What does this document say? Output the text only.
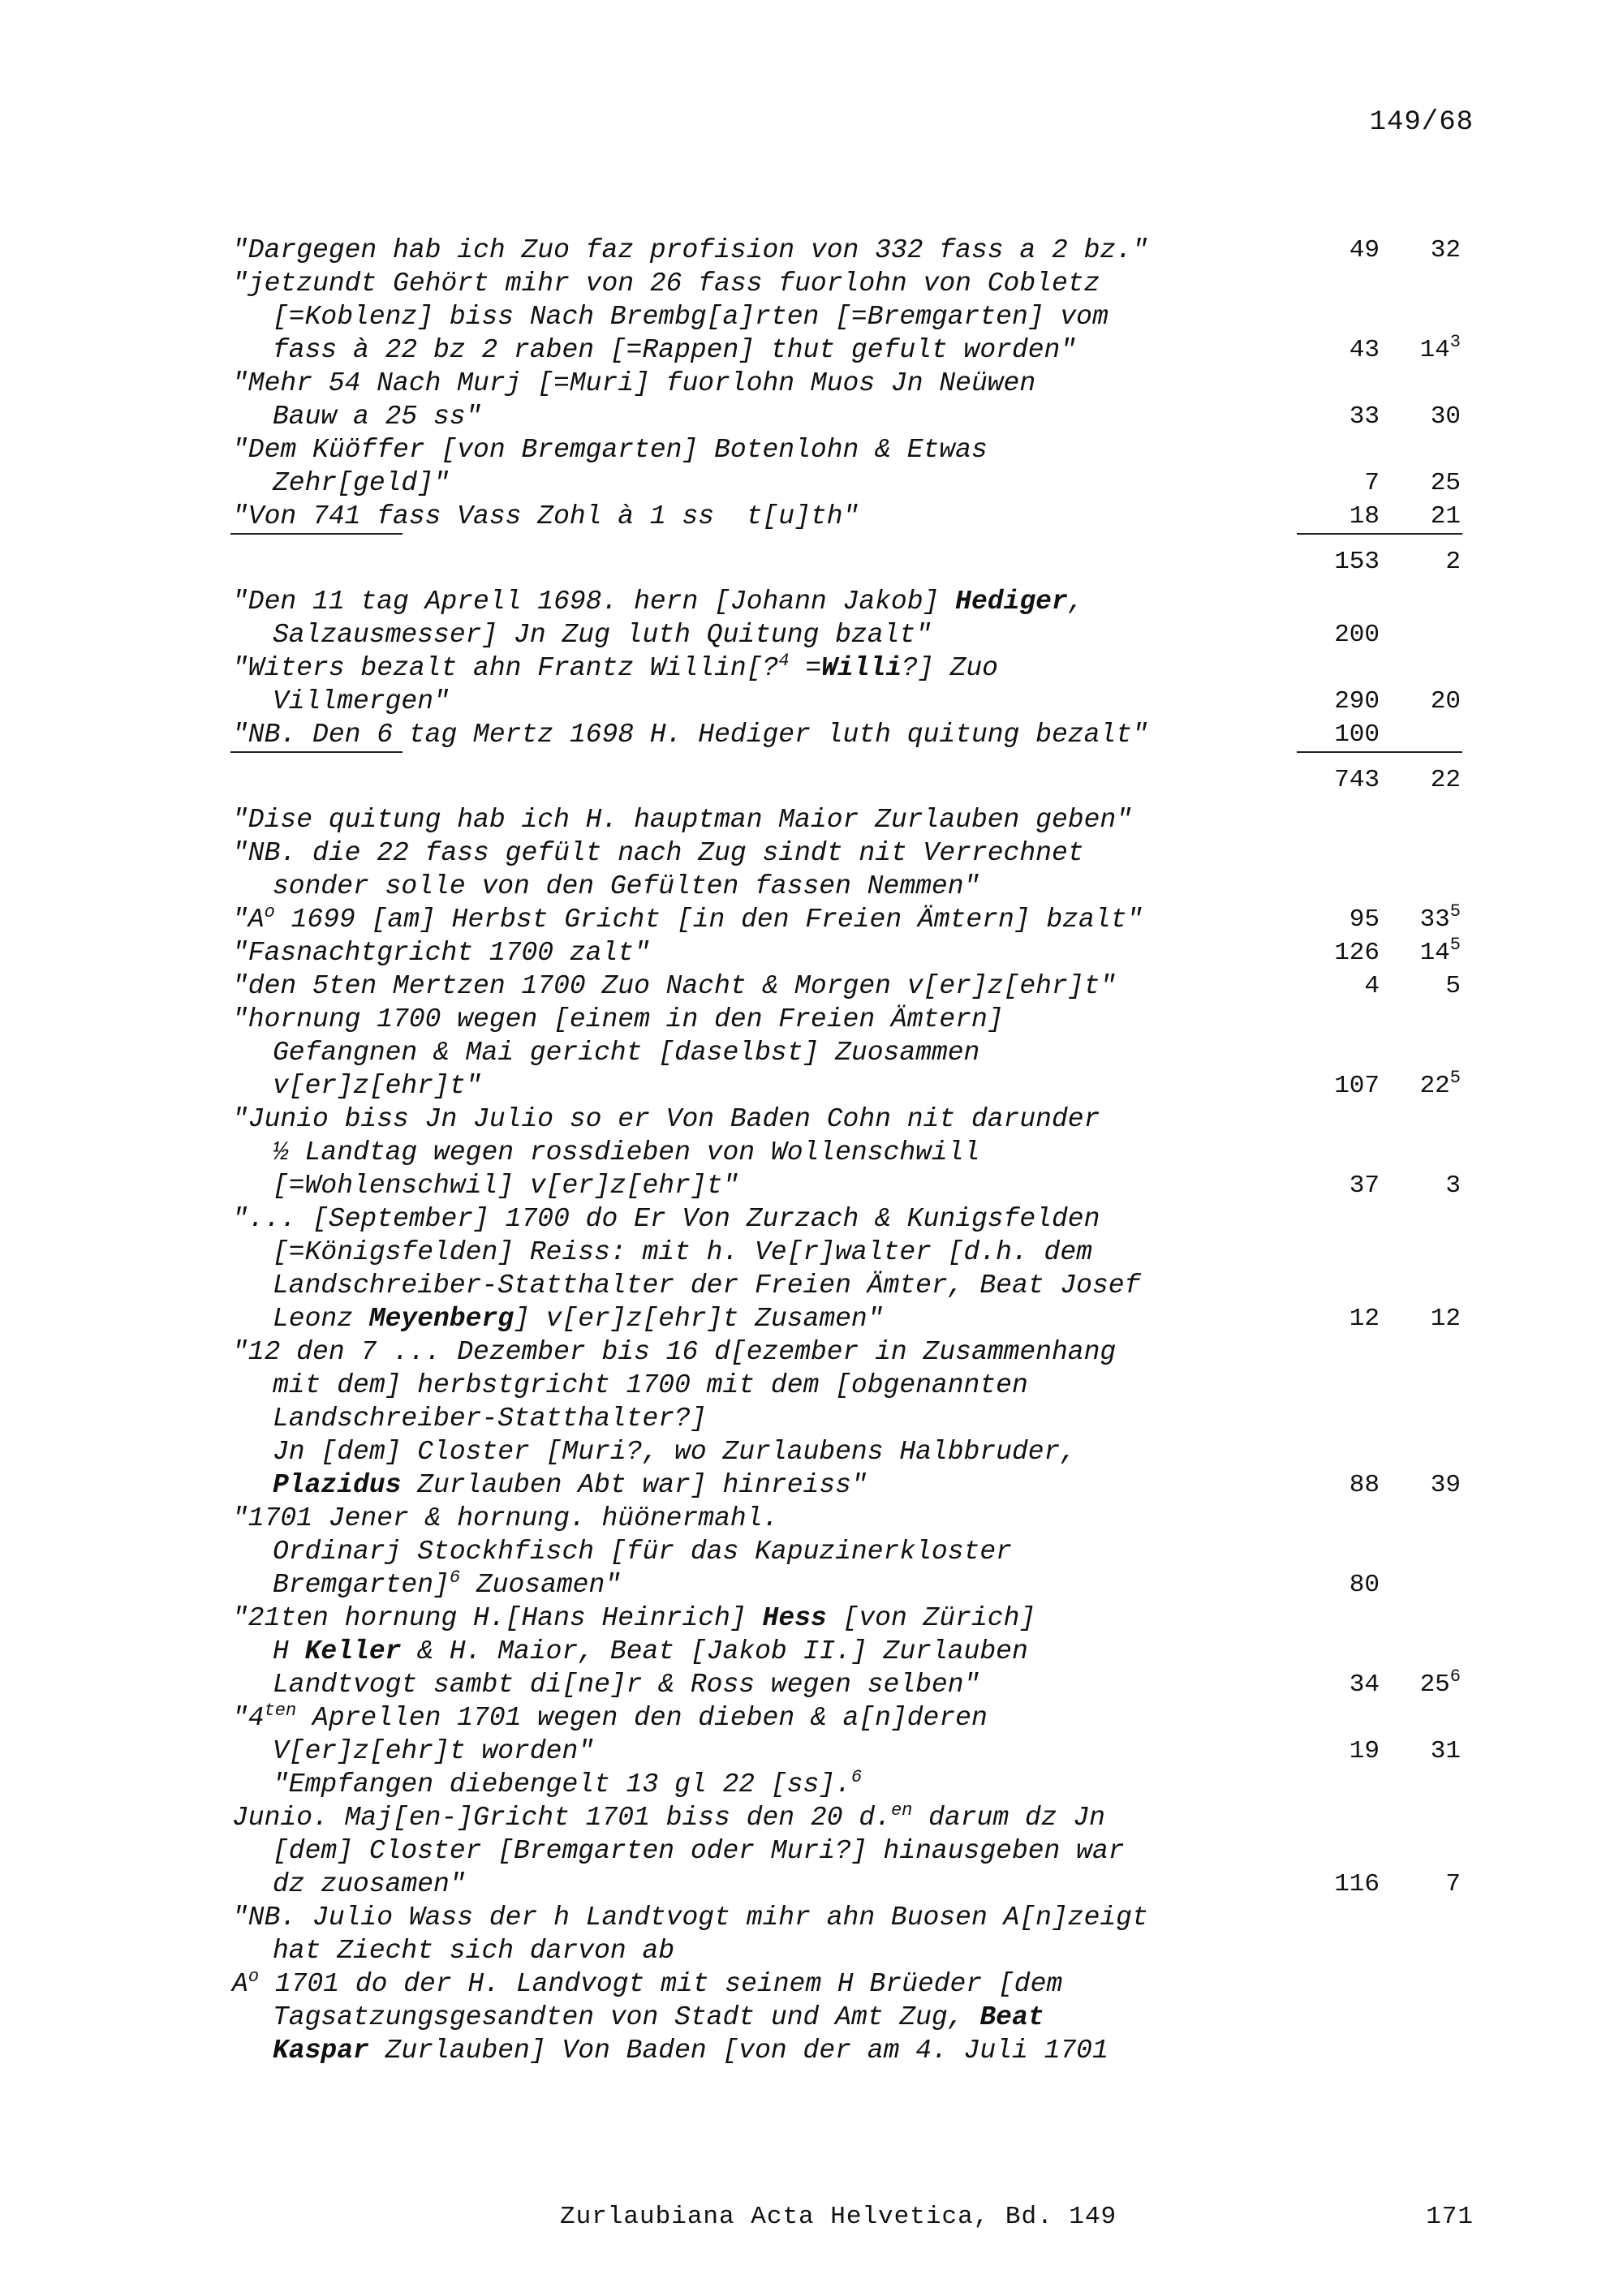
149/68
"Dargegen hab ich Zuo faz profision von 332 fass a 2 bz."	49	32
"jetzundt Gehört mihr von 26 fass fuorlohn von Cobletz
[=Koblenz] biss Nach Brembg[a]rten [=Bremgarten] vom
fass à 22 bz 2 raben [=Rappen] thut gefult worden"	43	$14^3$
"Mehr 54 Nach Murj [=Muri] fuorlohn Muos Jn Neüwen
Bauw a 25 ss"	33	30
"Dem Küöffer [von Bremgarten] Botenlohn & Etwas
Zehr[geld]"	7	25
"Von 741 fass Vass Zohl à 1 ss  t[u]th"	18	21
153	2
"Den 11 tag Aprell 1698. hern [Johann Jakob] Hediger,
Salzausmesser] Jn Zug luth Quitung bzalt"	200
"Witers bezalt ahn Frantz Willin[?$^4$ =Willi?] Zuo
Villmergen"	290	20
"NB. Den 6 tag Mertz 1698 H. Hediger luth quitung bezalt"	100
743	22
"Dise quitung hab ich H. hauptman Maior Zurlauben geben"
"NB. die 22 fass gefült nach Zug sindt nit Verrechnet
sonder solle von den Gefülten fassen Nemmen"
"$A^o$ 1699 [am] Herbst Gricht [in den Freien Ämtern] bzalt"	95	$33^5$
"Fasnachtgricht 1700 zalt"	126	$14^5$
"den 5ten Mertzen 1700 Zuo Nacht & Morgen v[er]z[ehr]t"	4	5
"hornung 1700 wegen [einem in den Freien Ämtern]
Gefangnen & Mai gericht [daselbst] Zuosammen
v[er]z[ehr]t"	107	$22^5$
"Junio biss Jn Julio so er Von Baden Cohn nit darunder
½ Landtag wegen rossdieben von Wollenschwill
[=Wohlenschwil] v[er]z[ehr]t"	37	3
"... [September] 1700 do Er Von Zurzach & Kunigsfelden
[=Königsfelden] Reiss: mit h. Ve[r]walter [d.h. dem
Landschreiber-Statthalter der Freien Ämter, Beat Josef
Leonz Meyenberg] v[er]z[ehr]t Zusamen"	12	12
"12 den 7 ... Dezember bis 16 d[ezember in Zusammenhang
mit dem] herbstgricht 1700 mit dem [obgenannten
Landschreiber-Statthalter?]
Jn [dem] Closter [Muri?, wo Zurlaubens Halbbruder,
Plazidus Zurlauben Abt war] hinreiss"	88	39
"1701 Jener & hornung. hüönermahl.
Ordinarj Stockhfisch [für das Kapuzinerkloster
Bremgarten]$^6$ Zuosamen"	80
"21ten hornung H.[Hans Heinrich] Hess [von Zürich]
H Keller & H. Maior, Beat [Jakob II.] Zurlauben
Landtvogt sambt di[ne]r & Ross wegen selben"	34	$25^6$
"$4^{ten}$ Aprellen 1701 wegen den dieben & a[n]deren
V[er]z[ehr]t worden"	19	31
"Empfangen diebengelt 13 gl 22 [ss].$^6$
Junio. Maj[en-]Gricht 1701 biss den 20 d.$^{en}$ darum dz Jn
[dem] Closter [Bremgarten oder Muri?] hinausgeben war
dz zuosamen"	116	7
"NB. Julio Wass der h Landtvogt mihr ahn Buosen A[n]zeigt
hat Ziecht sich darvon ab
$A^o$ 1701 do der H. Landvogt mit seinem H Brüeder [dem
Tagsatzungsgesandten von Stadt und Amt Zug, Beat
Kaspar Zurlauben] Von Baden [von der am 4. Juli 1701
Zurlaubiana Acta Helvetica, Bd. 149	171
